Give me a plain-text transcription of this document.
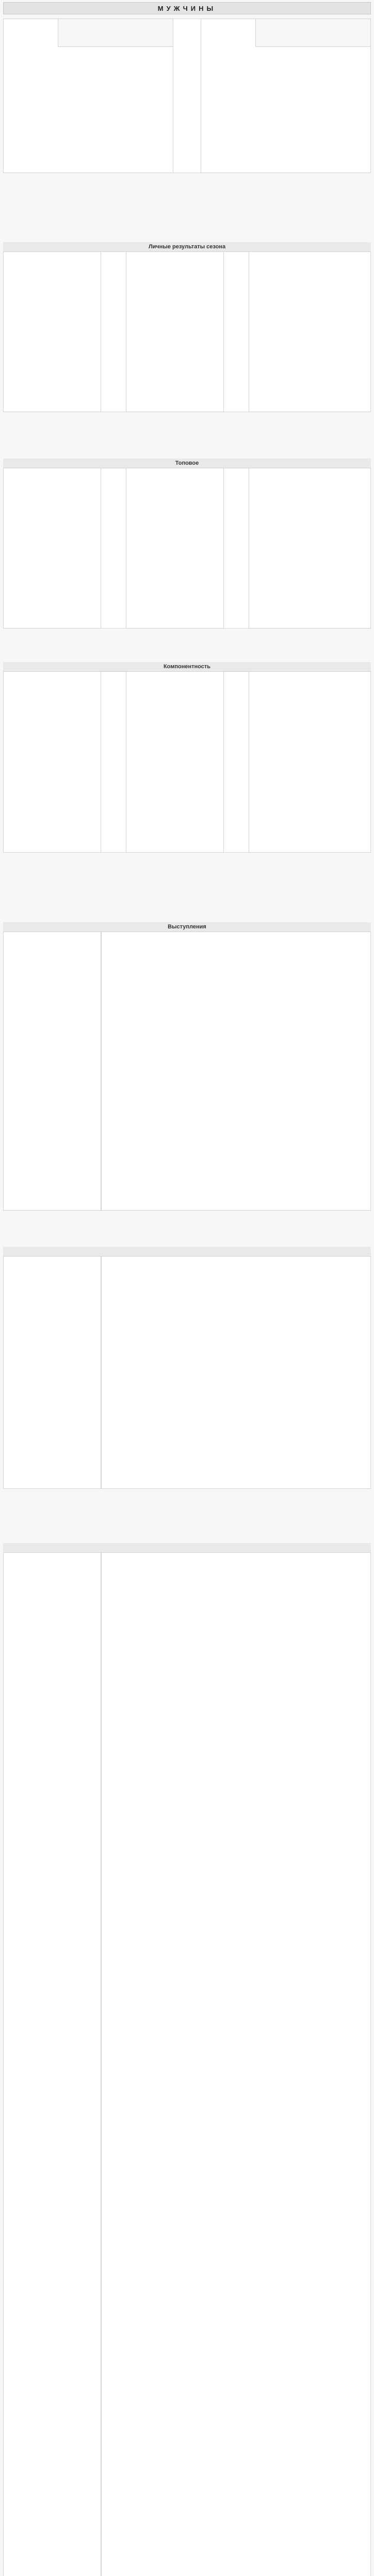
МУЖЧИНЫ
Личные результаты сезона
Топовое
Компонентность
Выступления
